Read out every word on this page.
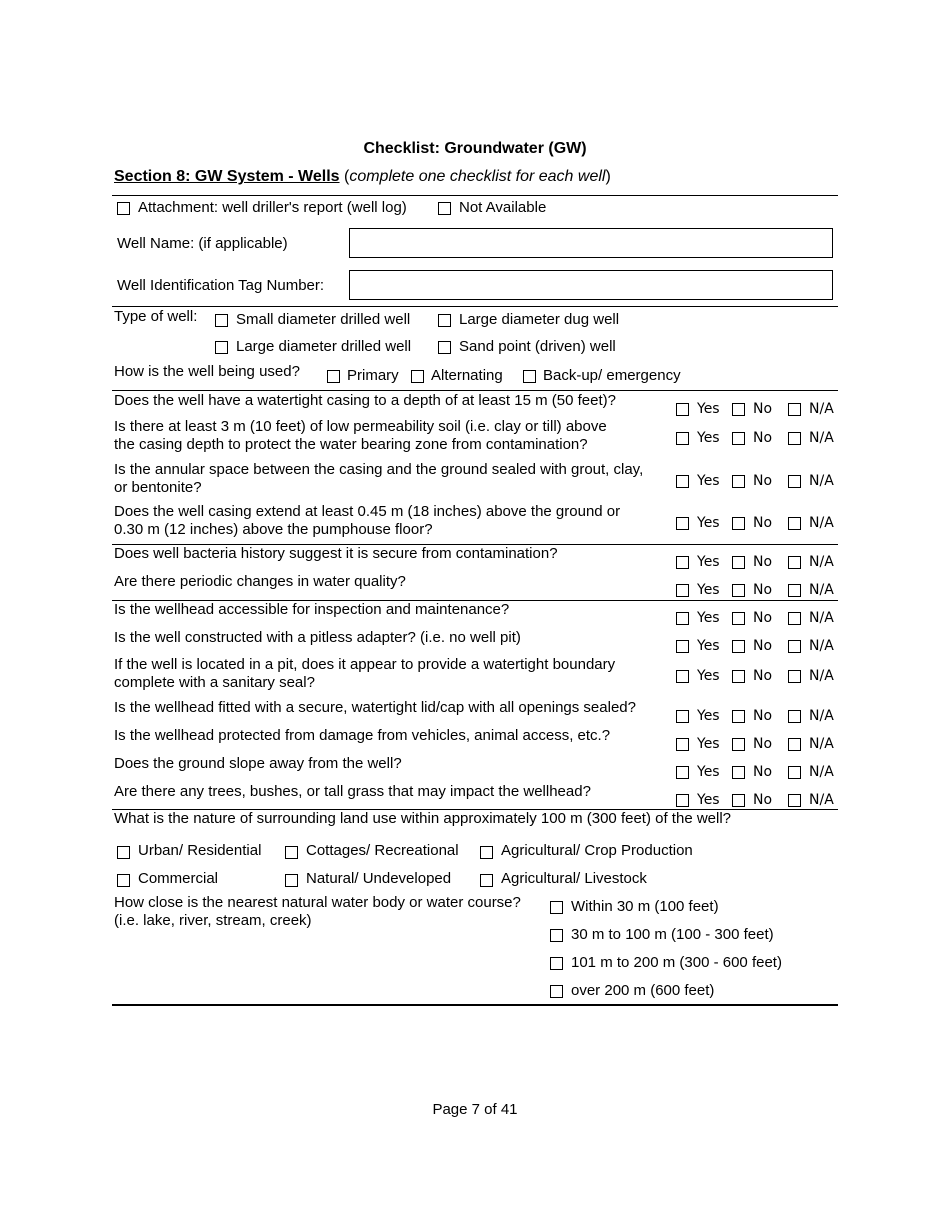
Checklist: Groundwater (GW)
Section 8: GW System - Wells (complete one checklist for each well)
Attachment: well driller's report (well log)	Not Available
Well Name: (if applicable)
Well Identification Tag Number:
Type of well:	Small diameter drilled well	Large diameter dug well
Large diameter drilled well	Sand point (driven) well
How is the well being used?	Primary Alternating	Back-up/ emergency
Does the well have a watertight casing to a depth of at least 15 m (50 feet)?	Yes No	N/A
Is there at least 3 m (10 feet) of low permeability soil (i.e. clay or till) above
the casing depth to protect the water bearing zone from contamination?	Yes No	N/A
Is the annular space between the casing and the ground sealed with grout, clay,
or bentonite?	Yes No	N/A
Does the well casing extend at least 0.45 m (18 inches) above the ground or
0.30 m (12 inches) above the pumphouse floor?	Yes No	N/A
Does well bacteria history suggest it is secure from contamination?	Yes No	N/A
Are there periodic changes in water quality?	Yes No	N/A
Is the wellhead accessible for inspection and maintenance?	Yes No	N/A
Is the well constructed with a pitless adapter? (i.e. no well pit)	Yes No	N/A
If the well is located in a pit, does it appear to provide a watertight boundary
complete with a sanitary seal?	Yes No	N/A
Is the wellhead fitted with a secure, watertight lid/cap with all openings sealed?	Yes No	N/A
Is the wellhead protected from damage from vehicles, animal access, etc.?	Yes No	N/A
Does the ground slope away from the well?	Yes No	N/A
Are there any trees, bushes, or tall grass that may impact the wellhead?	Yes No	N/A
What is the nature of surrounding land use within approximately 100 m (300 feet) of the well?
Urban/ Residential	Cottages/ Recreational	Agricultural/ Crop Production
Commercial	Natural/ Undeveloped	Agricultural/ Livestock
How close is the nearest natural water body or water course?
(i.e. lake, river, stream, creek)
Within 30 m (100 feet)
30 m to 100 m (100 - 300 feet)
101 m to 200 m (300 - 600 feet)
over 200 m (600 feet)
Page 7 of 41
